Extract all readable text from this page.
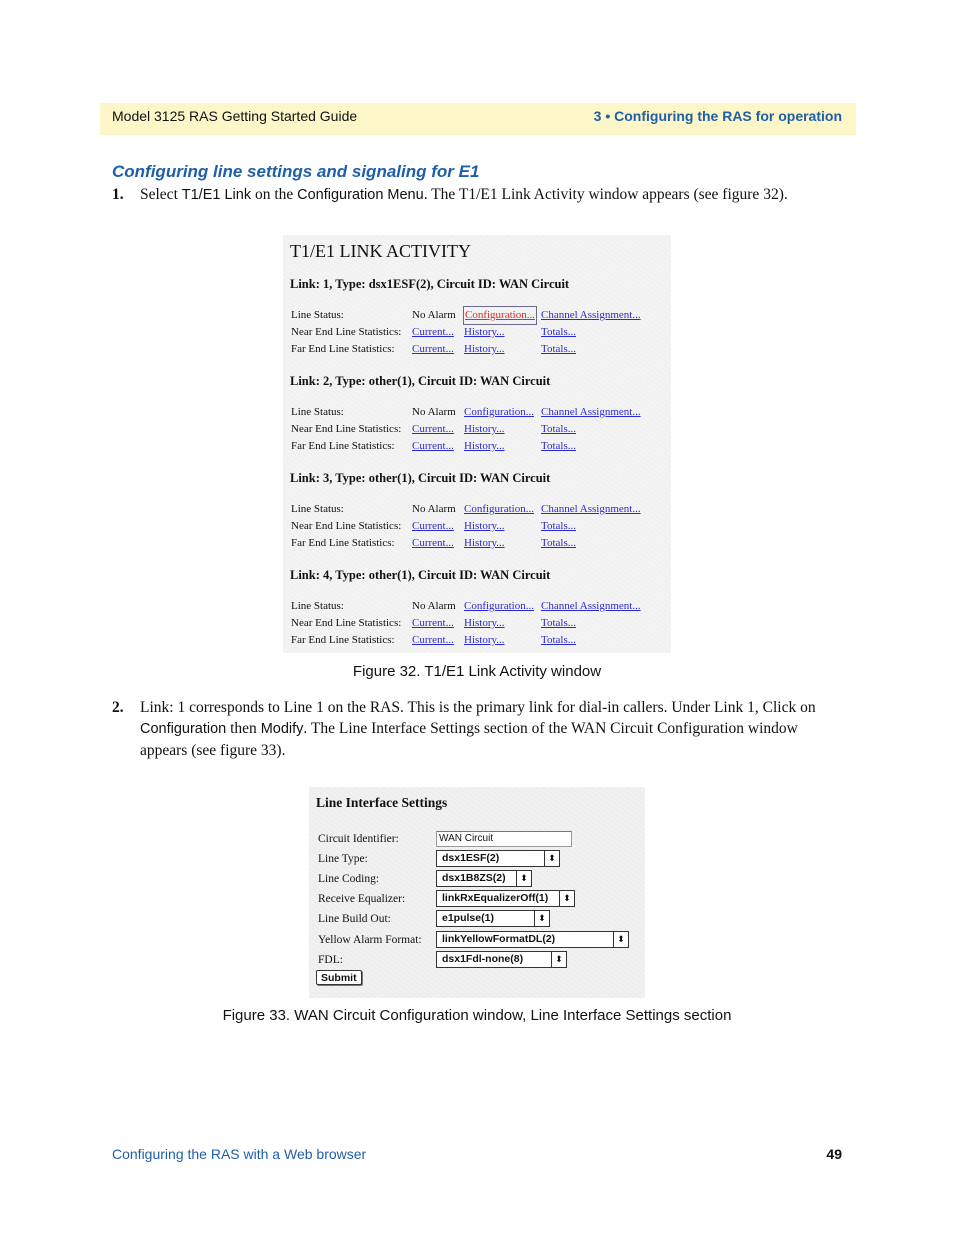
Model 3125 RAS Getting Started Guide	3 • Configuring the RAS for operation
Configuring line settings and signaling for E1
1. Select T1/E1 Link on the Configuration Menu. The T1/E1 Link Activity window appears (see figure 32).
T1/E1 LINK ACTIVITY
Link: 1, Type: dsx1ESF(2), Circuit ID: WAN Circuit
Line Status:	No Alarm Configuration... Channel Assignment...
Near End Line Statistics: Current... History...	Totals...
Far End Line Statistics: Current... History...	Totals...
Link: 2, Type: other(1), Circuit ID: WAN Circuit
Line Status:	No Alarm Configuration... Channel Assignment...
Near End Line Statistics: Current... History...	Totals...
Far End Line Statistics: Current... History...	Totals...
Link: 3, Type: other(1), Circuit ID: WAN Circuit
Line Status:	No Alarm Configuration... Channel Assignment...
Near End Line Statistics: Current... History...	Totals...
Far End Line Statistics: Current... History...	Totals...
Link: 4, Type: other(1), Circuit ID: WAN Circuit
Line Status:	No Alarm Configuration... Channel Assignment...
Near End Line Statistics: Current... History...	Totals...
Far End Line Statistics: Current... History...	Totals...
Figure 32. T1/E1 Link Activity window
2. Link: 1 corresponds to Line 1 on the RAS. This is the primary link for dial-in callers. Under Link 1, Click on Configuration then Modify. The Line Interface Settings section of the WAN Circuit Configuration window appears (see figure 33).
Line Interface Settings
Circuit Identifier:	WAN Circuit
Line Type:	dsx1ESF(2)	⬍
Line Coding:	dsx1B8ZS(2)	⬍
Receive Equalizer:	linkRxEqualizerOff(1)	⬍
Line Build Out:	e1pulse(1)	⬍
Yellow Alarm Format:	linkYellowFormatDL(2)	⬍
FDL:	dsx1Fdl-none(8)	⬍
Submit
Figure 33. WAN Circuit Configuration window, Line Interface Settings section
Configuring the RAS with a Web browser	49
